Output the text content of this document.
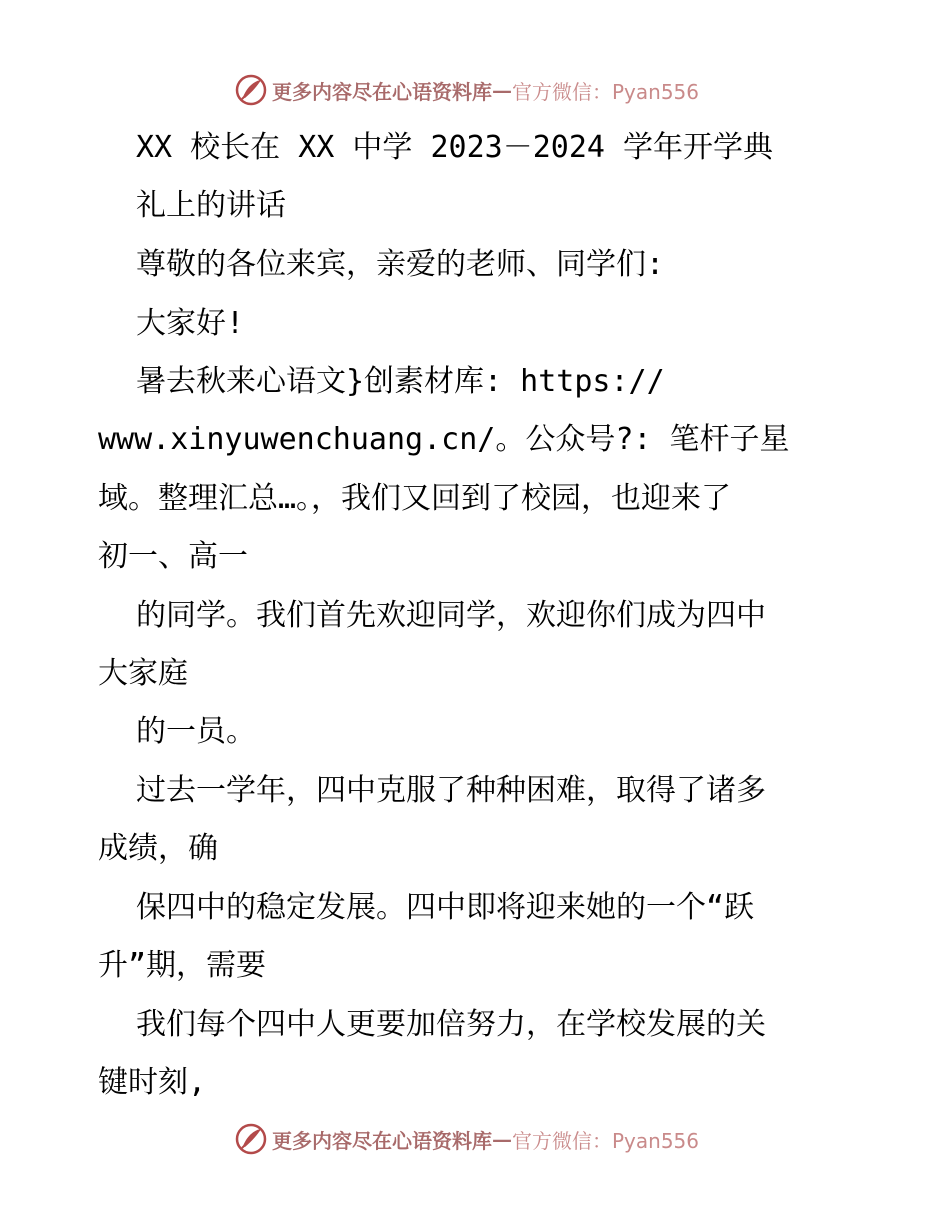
更多内容尽在心语资料库 — 官方微信：Pyan556
XX 校长在 XX 中学 2023－2024 学年开学典
礼上的讲话
尊敬的各位来宾，亲爱的老师、同学们:
大家好!
暑去秋来心语文}创素材库: https://
www.xinyuwenchuang.cn/。公众号?: 笔杆子星
域。整理汇总…。，我们又回到了校园，也迎来了
初一、高一
的同学。我们首先欢迎同学，欢迎你们成为四中
大家庭
的一员。
过去一学年，四中克服了种种困难，取得了诸多
成绩，确
保四中的稳定发展。四中即将迎来她的一个“跃
升”期，需要
我们每个四中人更要加倍努力，在学校发展的关
键时刻,
更多内容尽在心语资料库 — 官方微信：Pyan556
